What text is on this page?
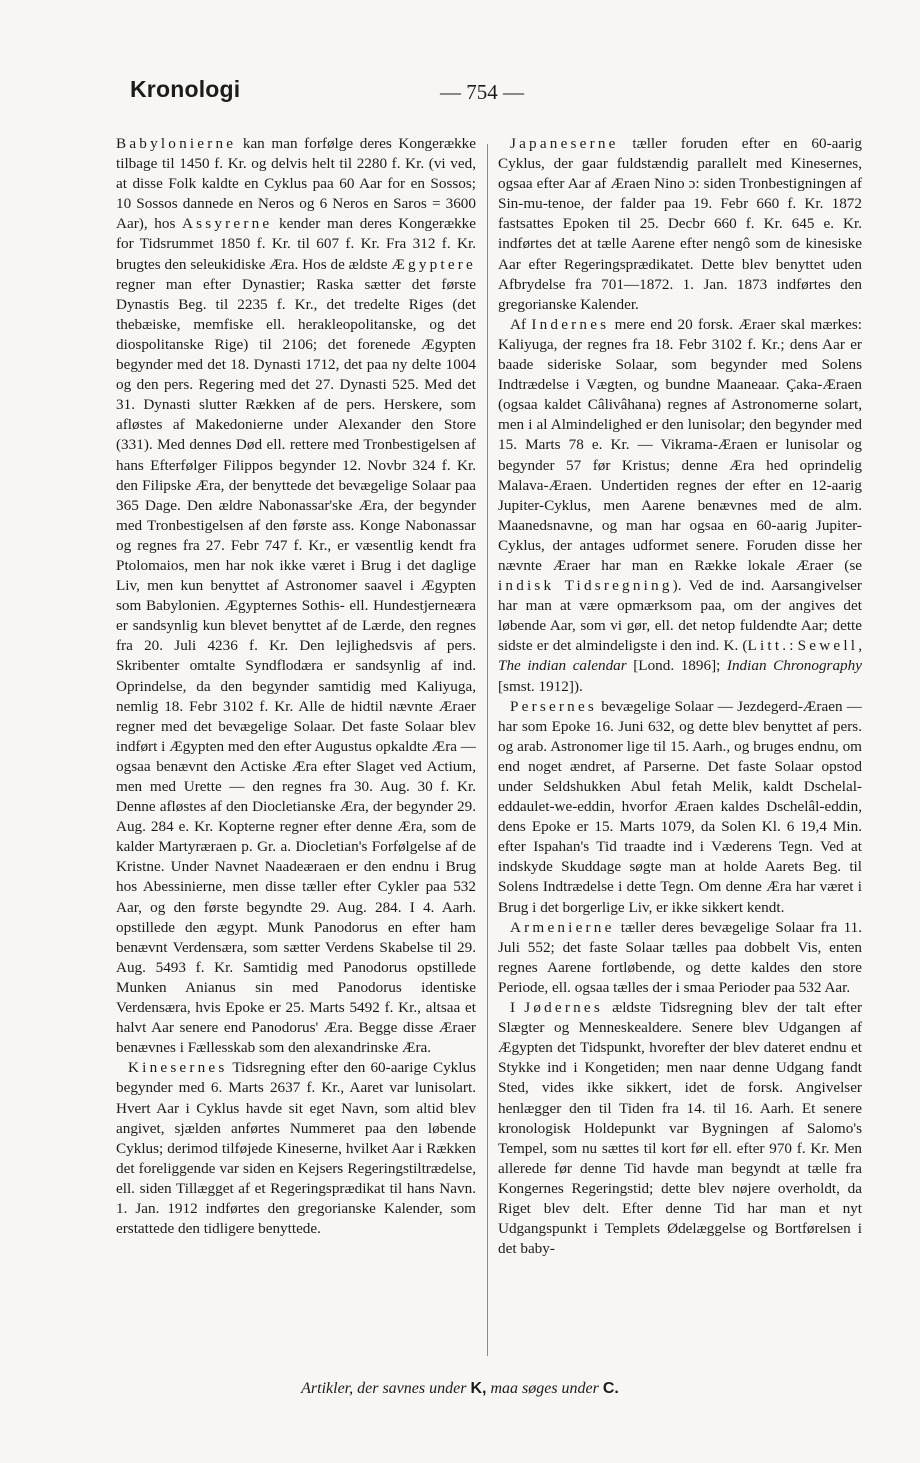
Kronologi	— 754 —

Babylonierne kan man forfølge deres Kongerække tilbage til 1450 f. Kr. og delvis helt til 2280 f. Kr. (vi ved, at disse Folk kaldte en Cyklus paa 60 Aar for en Sossos; 10 Sossos dannede en Neros og 6 Neros en Saros = 3600 Aar), hos Assyrerne kender man deres Kongerække for Tidsrummet 1850 f. Kr. til 607 f. Kr. Fra 312 f. Kr. brugtes den seleukidiske Æra. Hos de ældste Ægyptere regner man efter Dynastier; Raska sætter det første Dynastis Beg. til 2235 f. Kr., det tredelte Riges (det thebæiske, memfiske ell. herakleopolitanske, og det diospolitanske Rige) til 2106; det forenede Ægypten begynder med det 18. Dynasti 1712, det paa ny delte 1004 og den pers. Regering med det 27. Dynasti 525. Med det 31. Dynasti slutter Rækken af de pers. Herskere, som afløstes af Makedonierne under Alexander den Store (331). Med dennes Død ell. rettere med Tronbestigelsen af hans Efterfølger Filippos begynder 12. Novbr 324 f. Kr. den Filipske Æra, der benyttede det bevægelige Solaar paa 365 Dage. Den ældre Nabonassar'ske Æra, der begynder med Tronbestigelsen af den første ass. Konge Nabonassar og regnes fra 27. Febr 747 f. Kr., er væsentlig kendt fra Ptolomaios, men har nok ikke været i Brug i det daglige Liv, men kun benyttet af Astronomer saavel i Ægypten som Babylonien. Ægypternes Sothis- ell. Hundestjerneæra er sandsynlig kun blevet benyttet af de Lærde, den regnes fra 20. Juli 4236 f. Kr. Den lejlighedsvis af pers. Skribenter omtalte Syndflodæra er sandsynlig af ind. Oprindelse, da den begynder samtidig med Kaliyuga, nemlig 18. Febr 3102 f. Kr. Alle de hidtil nævnte Æraer regner med det bevægelige Solaar. Det faste Solaar blev indført i Ægypten med den efter Augustus opkaldte Æra — ogsaa benævnt den Actiske Æra efter Slaget ved Actium, men med Urette — den regnes fra 30. Aug. 30 f. Kr. Denne afløstes af den Diocletianske Æra, der begynder 29. Aug. 284 e. Kr. Kopterne regner efter denne Æra, som de kalder Martyræraen p. Gr. a. Diocletian's Forfølgelse af de Kristne. Under Navnet Naadeæraen er den endnu i Brug hos Abessinierne, men disse tæller efter Cykler paa 532 Aar, og den første begyndte 29. Aug. 284. I 4. Aarh. opstillede den ægypt. Munk Panodorus en efter ham benævnt Verdensæra, som sætter Verdens Skabelse til 29. Aug. 5493 f. Kr. Samtidig med Panodorus opstillede Munken Anianus sin med Panodorus identiske Verdensæra, hvis Epoke er 25. Marts 5492 f. Kr., altsaa et halvt Aar senere end Panodorus' Æra. Begge disse Æraer benævnes i Fællesskab som den alexandrinske Æra.

Kinesernes Tidsregning efter den 60-aarige Cyklus begynder med 6. Marts 2637 f. Kr., Aaret var lunisolart. Hvert Aar i Cyklus havde sit eget Navn, som altid blev angivet, sjælden anførtes Nummeret paa den løbende Cyklus; derimod tilføjede Kineserne, hvilket Aar i Rækken det foreliggende var siden en Kejsers Regeringstiltrædelse, ell. siden Tillægget af et Regeringsprædikat til hans Navn. 1. Jan. 1912 indførtes den gregorianske Kalender, som erstattede den tidligere benyttede.

Japaneserne tæller foruden efter en 60-aarig Cyklus, der gaar fuldstændig parallelt med Kinesernes, ogsaa efter Aar af Æraen Nino ɔ: siden Tronbestigningen af Sin-mu-tenoe, der falder paa 19. Febr 660 f. Kr. 1872 fastsattes Epoken til 25. Decbr 660 f. Kr. 645 e. Kr. indførtes det at tælle Aarene efter nengô som de kinesiske Aar efter Regeringsprædikatet. Dette blev benyttet uden Afbrydelse fra 701—1872. 1. Jan. 1873 indførtes den gregorianske Kalender.

Af Indernes mere end 20 forsk. Æraer skal mærkes: Kaliyuga, der regnes fra 18. Febr 3102 f. Kr.; dens Aar er baade sideriske Solaar, som begynder med Solens Indtrædelse i Vægten, og bundne Maaneaar. Çaka-Æraen (ogsaa kaldet Câlivâhana) regnes af Astronomerne solart, men i al Almindelighed er den lunisolar; den begynder med 15. Marts 78 e. Kr. — Vikrama-Æraen er lunisolar og begynder 57 før Kristus; denne Æra hed oprindelig Malava-Æraen. Undertiden regnes der efter en 12-aarig Jupiter-Cyklus, men Aarene benævnes med de alm. Maanedsnavne, og man har ogsaa en 60-aarig Jupiter-Cyklus, der antages udformet senere. Foruden disse her nævnte Æraer har man en Række lokale Æraer (se indisk Tidsregning). Ved de ind. Aarsangivelser har man at være opmærksom paa, om der angives det løbende Aar, som vi gør, ell. det netop fuldendte Aar; dette sidste er det almindeligste i den ind. K. (Litt.: Sewell, The indian calendar [Lond. 1896]; Indian Chronography [smst. 1912]).

Persernes bevægelige Solaar — Jezdegerd-Æraen — har som Epoke 16. Juni 632, og dette blev benyttet af pers. og arab. Astronomer lige til 15. Aarh., og bruges endnu, om end noget ændret, af Parserne. Det faste Solaar opstod under Seldshukken Abul fetah Melik, kaldt Dschelal-eddaulet-we-eddin, hvorfor Æraen kaldes Dschelâl-eddin, dens Epoke er 15. Marts 1079, da Solen Kl. 6 19,4 Min. efter Ispahan's Tid traadte ind i Væderens Tegn. Ved at indskyde Skuddage søgte man at holde Aarets Beg. til Solens Indtrædelse i dette Tegn. Om denne Æra har været i Brug i det borgerlige Liv, er ikke sikkert kendt.

Armenierne tæller deres bevægelige Solaar fra 11. Juli 552; det faste Solaar tælles paa dobbelt Vis, enten regnes Aarene fortløbende, og dette kaldes den store Periode, ell. ogsaa tælles der i smaa Perioder paa 532 Aar.

I Jødernes ældste Tidsregning blev der talt efter Slægter og Menneskealdere. Senere blev Udgangen af Ægypten det Tidspunkt, hvorefter der blev dateret endnu et Stykke ind i Kongetiden; men naar denne Udgang fandt Sted, vides ikke sikkert, idet de forsk. Angivelser henlægger den til Tiden fra 14. til 16. Aarh. Et senere kronologisk Holdepunkt var Bygningen af Salomo's Tempel, som nu sættes til kort før ell. efter 970 f. Kr. Men allerede før denne Tid havde man begyndt at tælle fra Kongernes Regeringstid; dette blev nøjere overholdt, da Riget blev delt. Efter denne Tid har man et nyt Udgangspunkt i Templets Ødelæggelse og Bortførelsen i det baby-

Artikler, der savnes under K, maa søges under C.
